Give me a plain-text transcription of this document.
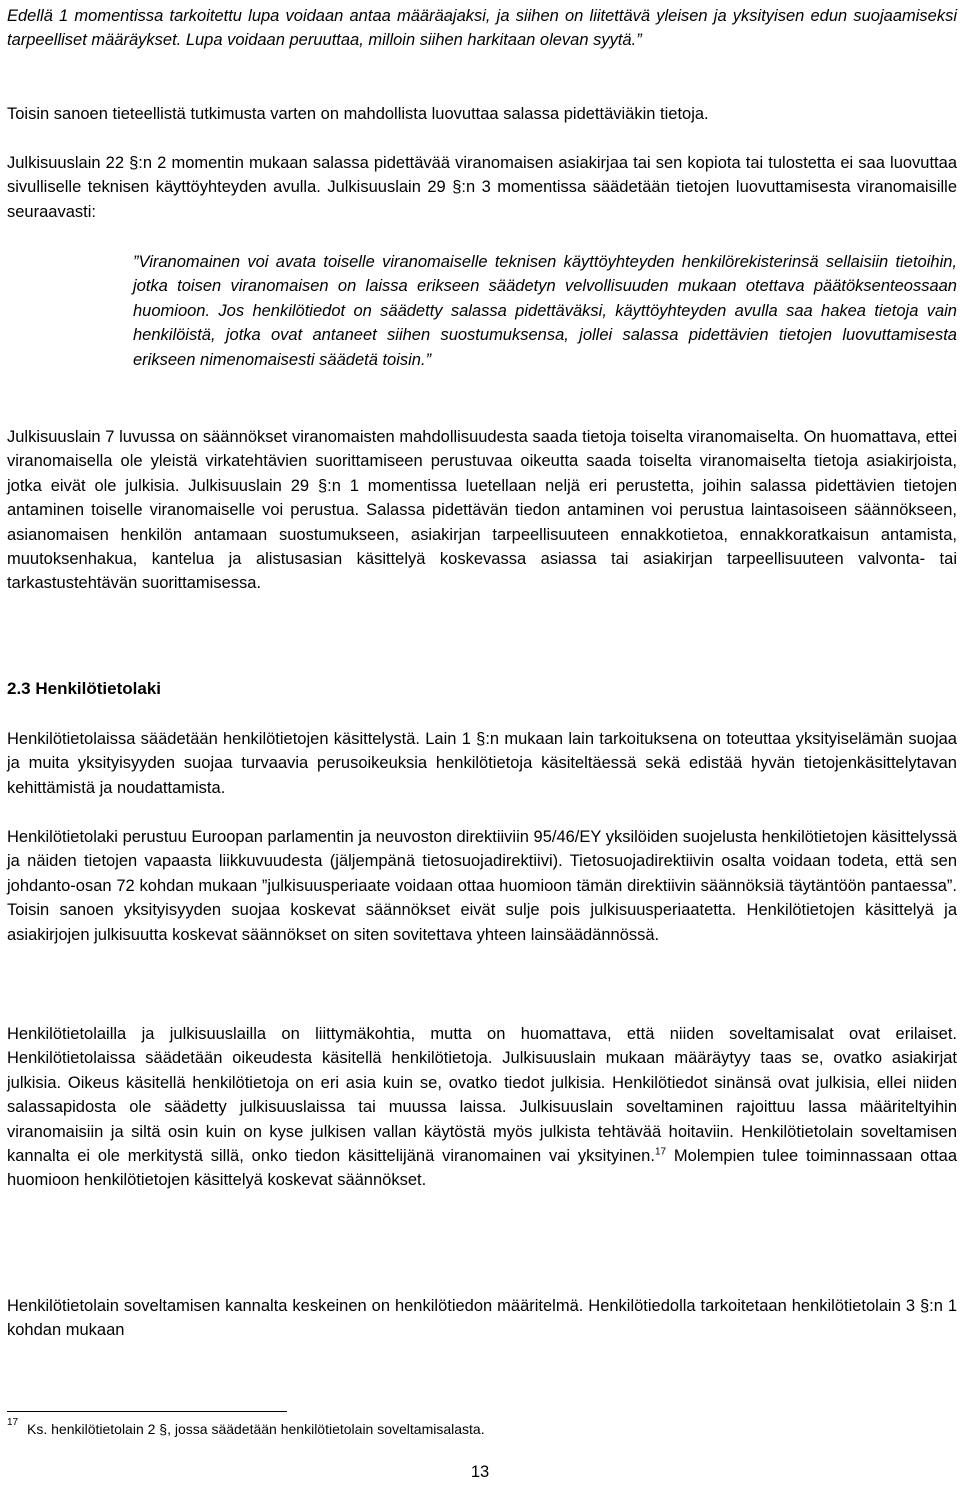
Edellä 1 momentissa tarkoitettu lupa voidaan antaa määräajaksi, ja siihen on liitettävä yleisen ja yksityisen edun suojaamiseksi tarpeelliset määräykset. Lupa voidaan peruuttaa, milloin siihen harkitaan olevan syytä.”

Toisin sanoen tieteellistä tutkimusta varten on mahdollista luovuttaa salassa pidettäviäkin tietoja.

Julkisuuslain 22 §:n 2 momentin mukaan salassa pidettävää viranomaisen asiakirjaa tai sen kopiota tai tulostetta ei saa luovuttaa sivulliselle teknisen käyttöyhteyden avulla. Julkisuuslain 29 §:n 3 momentissa säädetään tietojen luovuttamisesta viranomaisille seuraavasti:

”Viranomainen voi avata toiselle viranomaiselle teknisen käyttöyhteyden henkilörekisterinsä sellaisiin tietoihin, jotka toisen viranomaisen on laissa erikseen säädetyn velvollisuuden mukaan otettava päätöksenteossaan huomioon. Jos henkilötiedot on säädetty salassa pidettäväksi, käyttöyhteyden avulla saa hakea tietoja vain henkilöistä, jotka ovat antaneet siihen suostumuksensa, jollei salassa pidettävien tietojen luovuttamisesta erikseen nimenomaisesti säädetä toisin.”

Julkisuuslain 7 luvussa on säännökset viranomaisten mahdollisuudesta saada tietoja toiselta viranomaiselta. On huomattava, ettei viranomaisella ole yleistä virkatehtävien suorittamiseen perustuvaa oikeutta saada toiselta viranomaiselta tietoja asiakirjoista, jotka eivät ole julkisia. Julkisuuslain 29 §:n 1 momentissa luetellaan neljä eri perustetta, joihin salassa pidettävien tietojen antaminen toiselle viranomaiselle voi perustua. Salassa pidettävän tiedon antaminen voi perustua laintasoiseen säännökseen, asianomaisen henkilön antamaan suostumukseen, asiakirjan tarpeellisuuteen ennakkotietoa, ennakkoratkaisun antamista, muutoksenhakua, kantelua ja alistusasian käsittelyä koskevassa asiassa tai asiakirjan tarpeellisuuteen valvonta- tai tarkastustehtävän suorittamisessa.

2.3 Henkilötietolaki

Henkilötietolaissa säädetään henkilötietojen käsittelystä. Lain 1 §:n mukaan lain tarkoituksena on toteuttaa yksityiselämän suojaa ja muita yksityisyyden suojaa turvaavia perusoikeuksia henkilötietoja käsiteltäessä sekä edistää hyvän tietojenkäsittelytavan kehittämistä ja noudattamista.

Henkilötietolaki perustuu Euroopan parlamentin ja neuvoston direktiiviin 95/46/EY yksilöiden suojelusta henkilötietojen käsittelyssä ja näiden tietojen vapaasta liikkuvuudesta (jäljempänä tietosuojadirektiivi). Tietosuojadirektiivin osalta voidaan todeta, että sen johdanto-osan 72 kohdan mukaan ”julkisuusperiaate voidaan ottaa huomioon tämän direktiivin säännöksiä täytäntöön pantaessa”. Toisin sanoen yksityisyyden suojaa koskevat säännökset eivät sulje pois julkisuusperiaatetta. Henkilötietojen käsittelyä ja asiakirjojen julkisuutta koskevat säännökset on siten sovitettava yhteen lainsäädännössä.

Henkilötietolailla ja julkisuuslailla on liittymäkohtia, mutta on huomattava, että niiden soveltamisalat ovat erilaiset. Henkilötietolaissa säädetään oikeudesta käsitellä henkilötietoja. Julkisuuslain mukaan määräytyy taas se, ovatko asiakirjat julkisia. Oikeus käsitellä henkilötietoja on eri asia kuin se, ovatko tiedot julkisia. Henkilötiedot sinänsä ovat julkisia, ellei niiden salassapidosta ole säädetty julkisuuslaissa tai muussa laissa. Julkisuuslain soveltaminen rajoittuu lassa määriteltyihin viranomaisiin ja siltä osin kuin on kyse julkisen vallan käytöstä myös julkista tehtävää hoitaviin. Henkilötietolain soveltamisen kannalta ei ole merkitystä sillä, onko tiedon käsittelijänä viranomainen vai yksityinen.$^{17}$ Molempien tulee toiminnassaan ottaa huomioon henkilötietojen käsittelyä koskevat säännökset.

Henkilötietolain soveltamisen kannalta keskeinen on henkilötiedon määritelmä. Henkilötiedolla tarkoitetaan henkilötietolain 3 §:n 1 kohdan mukaan

17 Ks. henkilötietolain 2 §, jossa säädetään henkilötietolain soveltamisalasta.

13
